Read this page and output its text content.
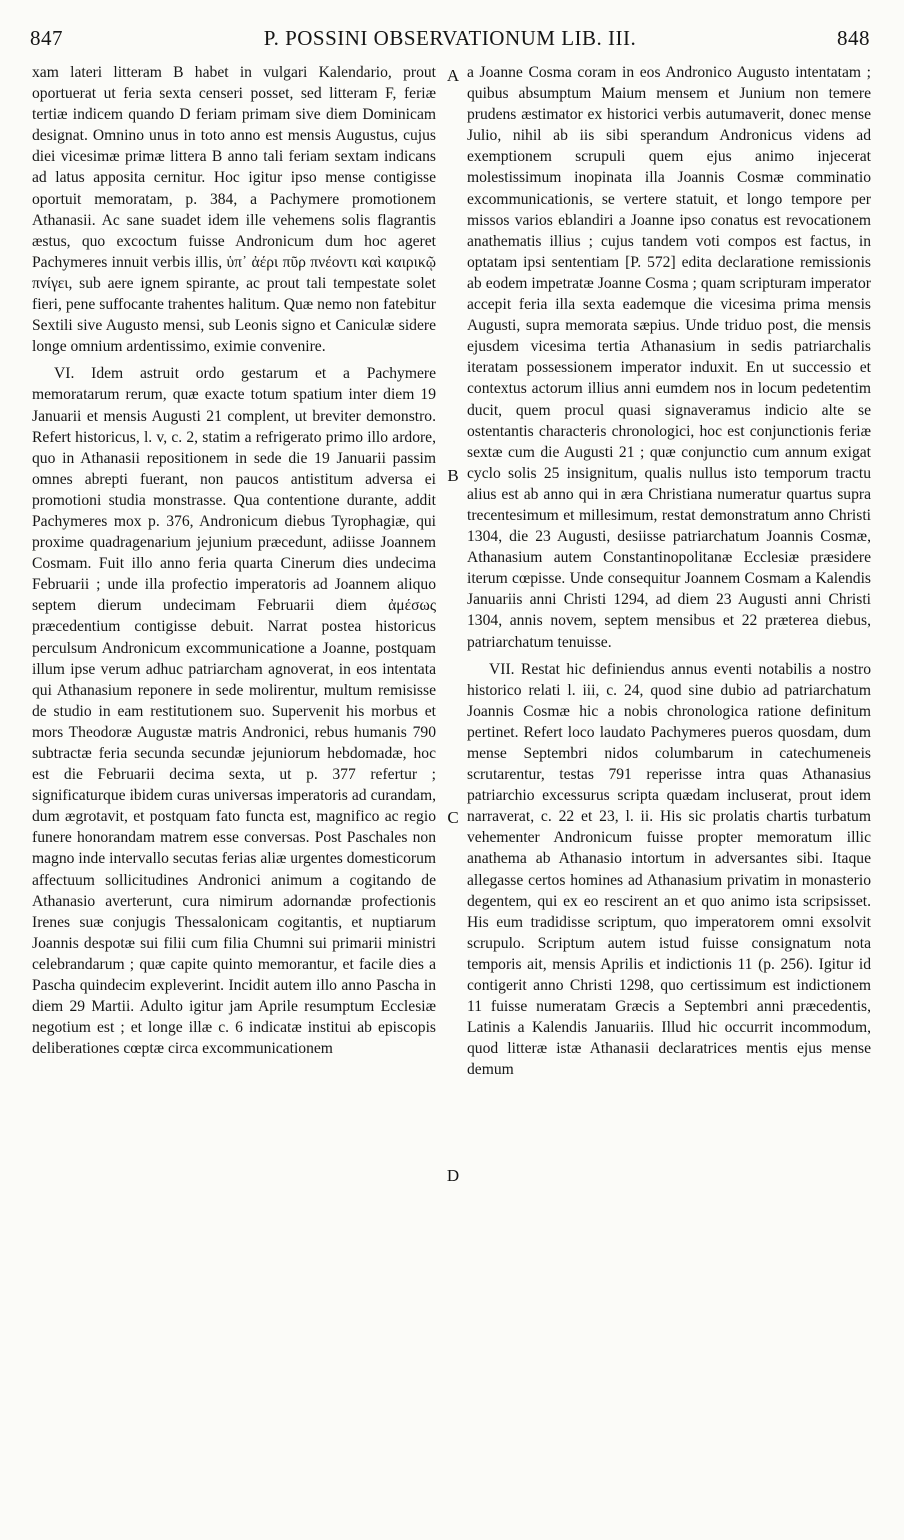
847	P. POSSINI OBSERVATIONUM LIB. III.	848

xam lateri litteram B habet in vulgari Kalendario, prout oportuerat ut feria sexta censeri posset, sed litteram F, feriæ tertiæ indicem quando D feriam primam sive diem Dominicam designat. Omnino unus in toto anno est mensis Augustus, cujus diei vicesimæ primæ littera B anno tali feriam sextam indicans ad latus apposita cernitur. Hoc igitur ipso mense contigisse oportuit memoratam, p. 384, a Pachymere promotionem Athanasii. Ac sane suadet idem ille vehemens solis flagrantis æstus, quo excoctum fuisse Andronicum dum hoc ageret Pachymeres innuit verbis illis, ὑπ᾽ ἀέρι πῦρ πνέοντι καὶ καιρικῷ πνίγει, sub aere ignem spirante, ac prout tali tempestate solet fieri, pene suffocante trahentes halitum. Quæ nemo non fatebitur Sextili sive Augusto mensi, sub Leonis signo et Caniculæ sidere longe omnium ardentissimo, eximie convenire.

VI. Idem astruit ordo gestarum et a Pachymere memoratarum rerum, quæ exacte totum spatium inter diem 19 Januarii et mensis Augusti 21 complent, ut breviter demonstro. Refert historicus, l. v, c. 2, statim a refrigerato primo illo ardore, quo in Athanasii repositionem in sede die 19 Januarii passim omnes abrepti fuerant, non paucos antistitum adversa ei promotioni studia monstrasse. Qua contentione durante, addit Pachymeres mox p. 376, Andronicum diebus Tyrophagiæ, qui proxime quadragenarium jejunium præcedunt, adiisse Joannem Cosmam. Fuit illo anno feria quarta Cinerum dies undecima Februarii ; unde illa profectio imperatoris ad Joannem aliquo septem dierum undecimam Februarii diem ἀμέσως præcedentium contigisse debuit. Narrat postea historicus perculsum Andronicum excommunicatione a Joanne, postquam illum ipse verum adhuc patriarcham agnoverat, in eos intentata qui Athanasium reponere in sede molirentur, multum remisisse de studio in eam restitutionem suo. Supervenit his morbus et mors Theodoræ Augustæ matris Andronici, rebus humanis 790 subtractæ feria secunda secundæ jejuniorum hebdomadæ, hoc est die Februarii decima sexta, ut p. 377 refertur ; significaturque ibidem curas universas imperatoris ad curandam, dum ægrotavit, et postquam fato functa est, magnifico ac regio funere honorandam matrem esse conversas. Post Paschales non magno inde intervallo secutas ferias aliæ urgentes domesticorum affectuum sollicitudines Andronici animum a cogitando de Athanasio averterunt, cura nimirum adornandæ profectionis Irenes suæ conjugis Thessalonicam cogitantis, et nuptiarum Joannis despotæ sui filii cum filia Chumni sui primarii ministri celebrandarum ; quæ capite quinto memorantur, et facile dies a Pascha quindecim expleverint. Incidit autem illo anno Pascha in diem 29 Martii. Adulto igitur jam Aprile resumptum Ecclesiæ negotium est ; et longe illæ c. 6 indicatæ institui ab episcopis deliberationes cœptæ circa excommunicationem

A
B
C
D

a Joanne Cosma coram in eos Andronico Augusto intentatam ; quibus absumptum Maium mensem et Junium non temere prudens æstimator ex historici verbis autumaverit, donec mense Julio, nihil ab iis sibi sperandum Andronicus videns ad exemptionem scrupuli quem ejus animo injecerat molestissimum inopinata illa Joannis Cosmæ comminatio excommunicationis, se vertere statuit, et longo tempore per missos varios eblandiri a Joanne ipso conatus est revocationem anathematis illius ; cujus tandem voti compos est factus, in optatam ipsi sententiam [P. 572] edita declaratione remissionis ab eodem impetratæ Joanne Cosma ; quam scripturam imperator accepit feria illa sexta eademque die vicesima prima mensis Augusti, supra memorata sæpius. Unde triduo post, die mensis ejusdem vicesima tertia Athanasium in sedis patriarchalis iteratam possessionem imperator induxit. En ut successio et contextus actorum illius anni eumdem nos in locum pedetentim ducit, quem procul quasi signaveramus indicio alte se ostentantis characteris chronologici, hoc est conjunctionis feriæ sextæ cum die Augusti 21 ; quæ conjunctio cum annum exigat cyclo solis 25 insignitum, qualis nullus isto temporum tractu alius est ab anno qui in æra Christiana numeratur quartus supra trecentesimum et millesimum, restat demonstratum anno Christi 1304, die 23 Augusti, desiisse patriarchatum Joannis Cosmæ, Athanasium autem Constantinopolitanæ Ecclesiæ præsidere iterum cœpisse. Unde consequitur Joannem Cosmam a Kalendis Januariis anni Christi 1294, ad diem 23 Augusti anni Christi 1304, annis novem, septem mensibus et 22 præterea diebus, patriarchatum tenuisse.

VII. Restat hic definiendus annus eventi notabilis a nostro historico relati l. iii, c. 24, quod sine dubio ad patriarchatum Joannis Cosmæ hic a nobis chronologica ratione definitum pertinet. Refert loco laudato Pachymeres pueros quosdam, dum mense Septembri nidos columbarum in catechumeneis scrutarentur, testas 791 reperisse intra quas Athanasius patriarchio excessurus scripta quædam incluserat, prout idem narraverat, c. 22 et 23, l. ii. His sic prolatis chartis turbatum vehementer Andronicum fuisse propter memoratum illic anathema ab Athanasio intortum in adversantes sibi. Itaque allegasse certos homines ad Athanasium privatim in monasterio degentem, qui ex eo rescirent an et quo animo ista scripsisset. His eum tradidisse scriptum, quo imperatorem omni exsolvit scrupulo. Scriptum autem istud fuisse consignatum nota temporis ait, mensis Aprilis et indictionis 11 (p. 256). Igitur id contigerit anno Christi 1298, quo certissimum est indictionem 11 fuisse numeratam Græcis a Septembri anni præcedentis, Latinis a Kalendis Januariis. Illud hic occurrit incommodum, quod litteræ istæ Athanasii declaratrices mentis ejus mense demum
